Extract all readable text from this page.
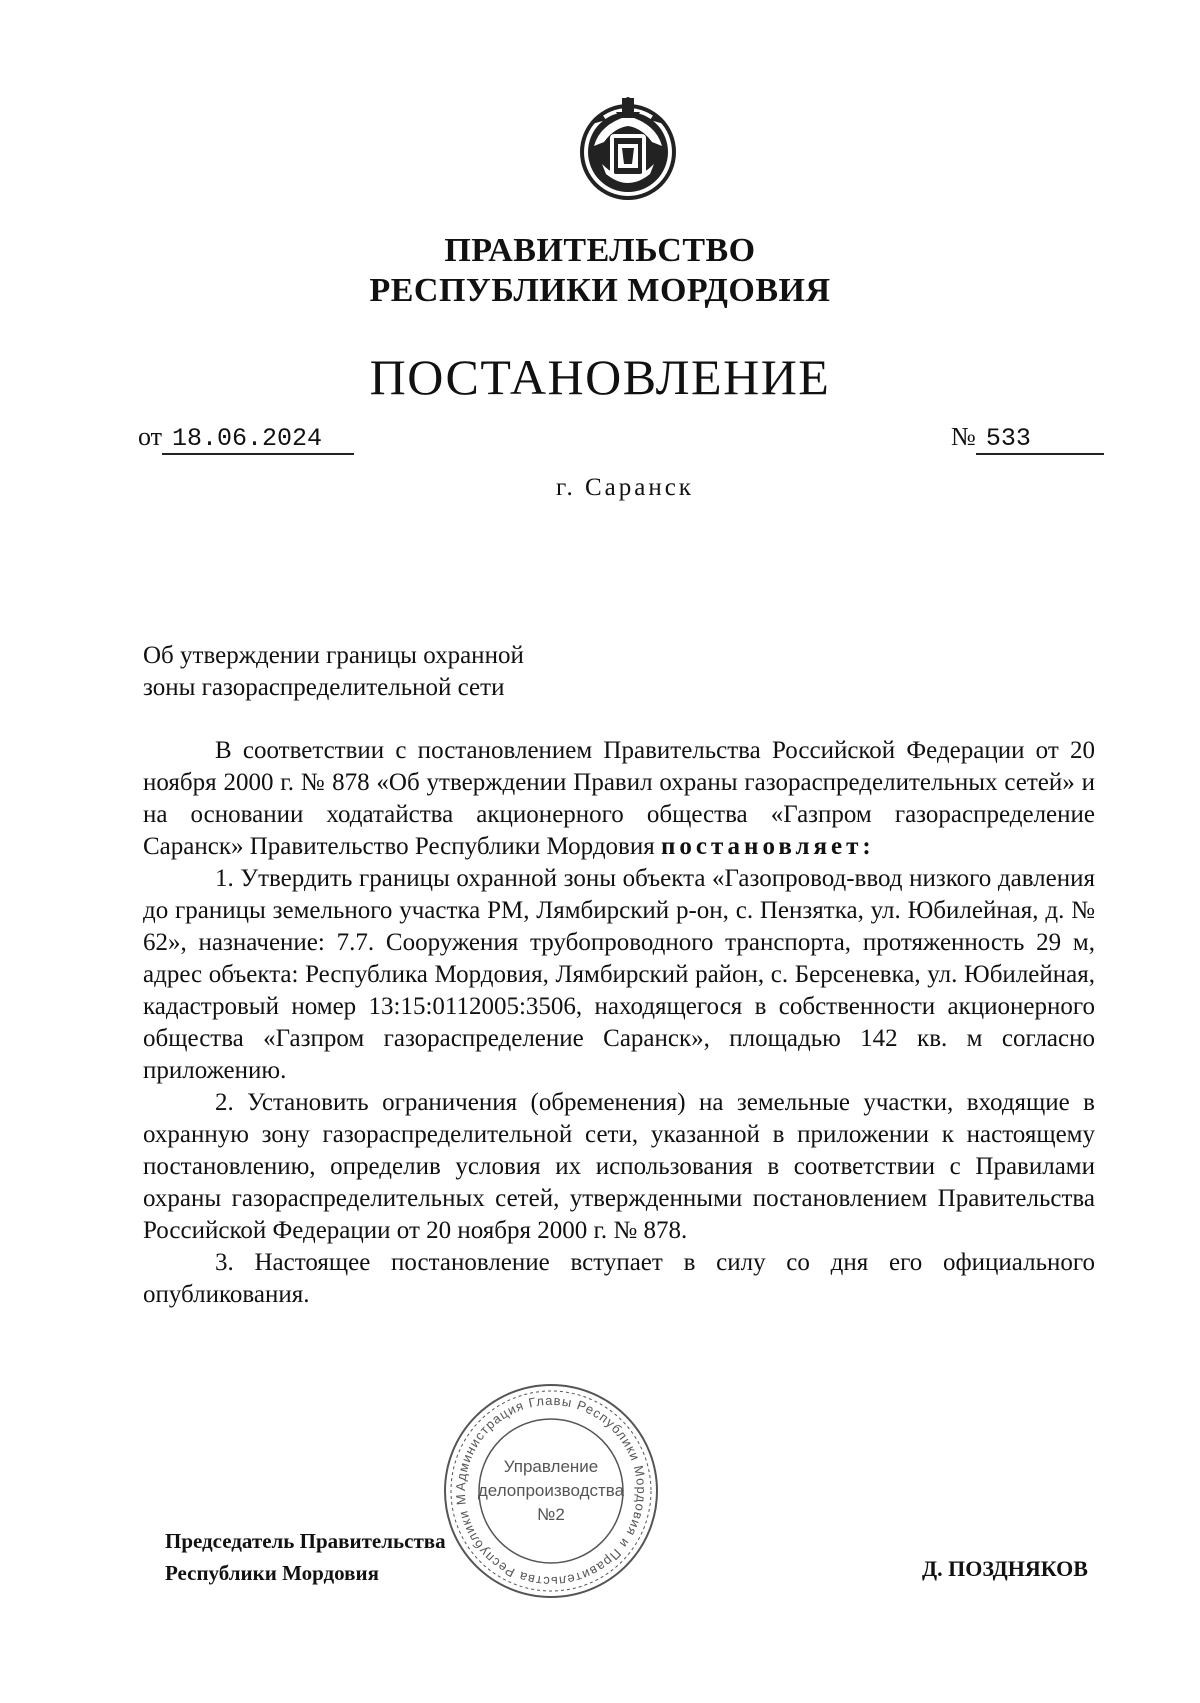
ПРАВИТЕЛЬСТВО
РЕСПУБЛИКИ МОРДОВИЯ
ПОСТАНОВЛЕНИЕ
от 18.06.2024	№ 533
г. Саранск
Об утверждении границы охранной
зоны газораспределительной сети

В соответствии с постановлением Правительства Российской Федерации от 20 ноября 2000 г. № 878 «Об утверждении Правил охраны газораспределительных сетей» и на основании ходатайства акционерного общества «Газпром газораспределение Саранск» Правительство Республики Мордовия постановляет:

1. Утвердить границы охранной зоны объекта «Газопровод-ввод низкого давления до границы земельного участка РМ, Лямбирский р-он, с. Пензятка, ул. Юбилейная, д. № 62», назначение: 7.7. Сооружения трубопроводного транспорта, протяженность 29 м, адрес объекта: Республика Мордовия, Лямбирский район, с. Берсеневка, ул. Юбилейная, кадастровый номер 13:15:0112005:3506, находящегося в собственности акционерного общества «Газпром газораспределение Саранск», площадью 142 кв. м согласно приложению.

2. Установить ограничения (обременения) на земельные участки, входящие в охранную зону газораспределительной сети, указанной в приложении к настоящему постановлению, определив условия их использования в соответствии с Правилами охраны газораспределительных сетей, утвержденными постановлением Правительства Российской Федерации от 20 ноября 2000 г. № 878.

3. Настоящее постановление вступает в силу со дня его официального опубликования.

Администрация Главы Республики Мордовия и Правительства Республики М
Управление
делопроизводства
№2
Председатель Правительства
Республики Мордовия	Д. ПОЗДНЯКОВ
